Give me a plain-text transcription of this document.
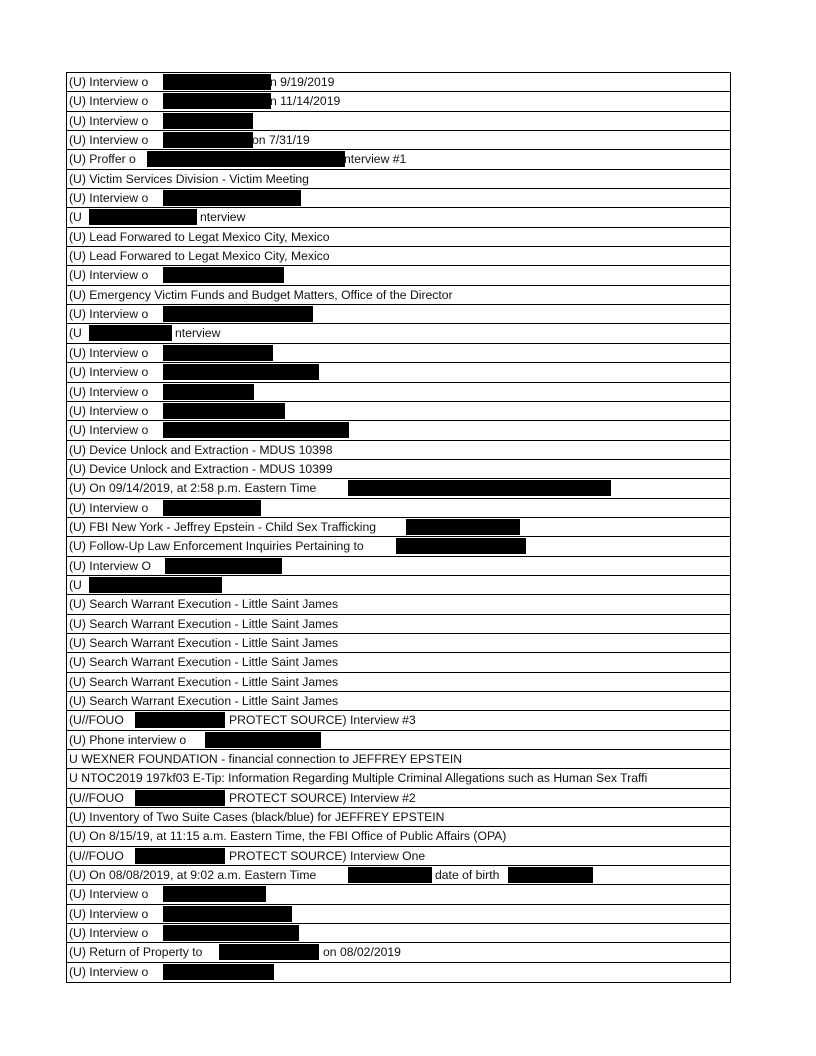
(U) Interview o	n 9/19/2019
(U) Interview o	n 11/14/2019
(U) Interview o
(U) Interview o	on 7/31/19
(U) Proffer o	nterview #1
(U) Victim Services Division - Victim Meeting
(U) Interview o
(U	nterview
(U) Lead Forwared to Legat Mexico City, Mexico
(U) Lead Forwared to Legat Mexico City, Mexico
(U) Interview o
(U) Emergency Victim Funds and Budget Matters, Office of the Director
(U) Interview o
(U	nterview
(U) Interview o
(U) Interview o
(U) Interview o
(U) Interview o
(U) Interview o
(U) Device Unlock and Extraction - MDUS 10398
(U) Device Unlock and Extraction - MDUS 10399
(U) On 09/14/2019, at 2:58 p.m. Eastern Time
(U) Interview o
(U) FBI New York - Jeffrey Epstein - Child Sex Trafficking
(U) Follow-Up Law Enforcement Inquiries Pertaining to
(U) Interview O
(U
(U) Search Warrant Execution - Little Saint James
(U) Search Warrant Execution - Little Saint James
(U) Search Warrant Execution - Little Saint James
(U) Search Warrant Execution - Little Saint James
(U) Search Warrant Execution - Little Saint James
(U) Search Warrant Execution - Little Saint James
(U//FOUO	PROTECT SOURCE) Interview #3
(U) Phone interview o
U WEXNER FOUNDATION - financial connection to JEFFREY EPSTEIN
U NTOC2019 197kf03 E-Tip: Information Regarding Multiple Criminal Allegations such as Human Sex Traffi
(U//FOUO	PROTECT SOURCE) Interview #2
(U) Inventory of Two Suite Cases (black/blue) for JEFFREY EPSTEIN
(U) On 8/15/19, at 11:15 a.m. Eastern Time, the FBI Office of Public Affairs (OPA)
(U//FOUO	PROTECT SOURCE) Interview One
(U) On 08/08/2019, at 9:02 a.m. Eastern Time	date of birth
(U) Interview o
(U) Interview o
(U) Interview o
(U) Return of Property to	on 08/02/2019
(U) Interview o
